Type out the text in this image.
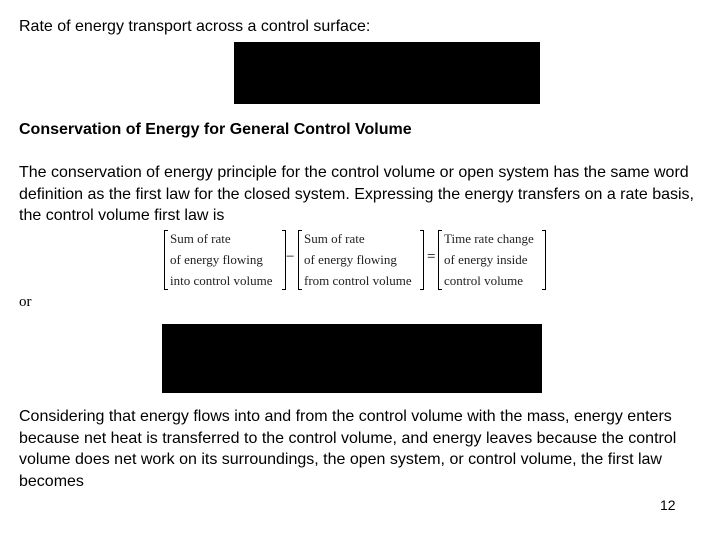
Rate of energy transport across a control surface:
Conservation of Energy for General Control Volume
The conservation of energy principle for the control volume or open system has the same word definition as the first law for the closed system. Expressing the energy transfers on a rate basis, the control volume first law is
Sum of rate
of energy flowing
into control volume
−
Sum of rate
of energy flowing
from control volume
=
Time rate change
of energy inside
control volume
or
Considering that energy flows into and from the control volume with the mass, energy enters because net heat is transferred to the control volume, and energy leaves because the control volume does net work on its surroundings, the open system, or control volume, the first law becomes
12
